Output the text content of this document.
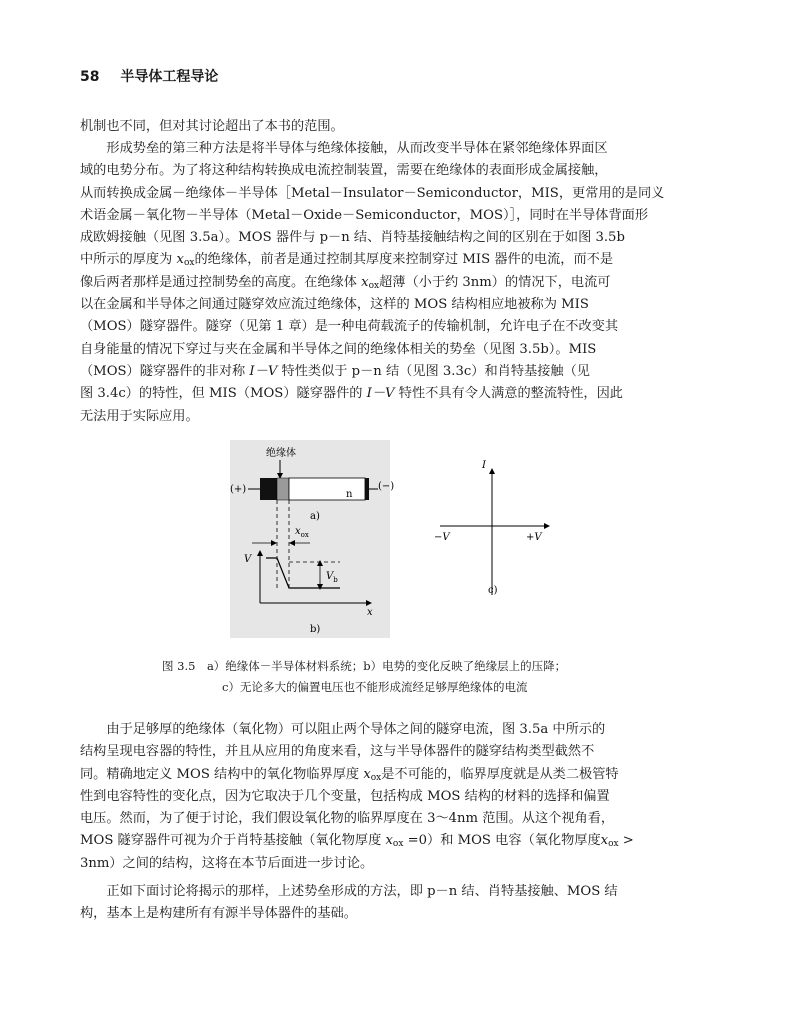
58 半导体工程导论
机制也不同，但对其讨论超出了本书的范围。
形成势垒的第三种方法是将半导体与绝缘体接触，从而改变半导体在紧邻绝缘体界面区
域的电势分布。为了将这种结构转换成电流控制装置，需要在绝缘体的表面形成金属接触，
从而转换成金属－绝缘体－半导体［Metal－Insulator－Semiconductor，MIS，更常用的是同义
术语金属－氧化物－半导体（Metal－Oxide－Semiconductor，MOS）］，同时在半导体背面形
成欧姆接触（见图 3.5a）。MOS 器件与 p－n 结、肖特基接触结构之间的区别在于如图 3.5b
中所示的厚度为 $x_{ox}$的绝缘体，前者是通过控制其厚度来控制穿过 MIS 器件的电流，而不是
像后两者那样是通过控制势垒的高度。在绝缘体 $x_{ox}$超薄（小于约 3nm）的情况下，电流可
以在金属和半导体之间通过隧穿效应流过绝缘体，这样的 MOS 结构相应地被称为 MIS
（MOS）隧穿器件。隧穿（见第 1 章）是一种电荷载流子的传输机制，允许电子在不改变其
自身能量的情况下穿过与夹在金属和半导体之间的绝缘体相关的势垒（见图 3.5b）。MIS
（MOS）隧穿器件的非对称 I－V 特性类似于 p－n 结（见图 3.3c）和肖特基接触（见
图 3.4c）的特性，但 MIS（MOS）隧穿器件的 I－V 特性不具有令人满意的整流特性，因此
无法用于实际应用。
绝缘体
(+)	n
(−)
a)
$x_{ox}$
V
x
$V_b$
b)
I
−V	+V
c)
图 3.5　a）绝缘体－半导体材料系统；b）电势的变化反映了绝缘层上的压降；
c）无论多大的偏置电压也不能形成流经足够厚绝缘体的电流
由于足够厚的绝缘体（氧化物）可以阻止两个导体之间的隧穿电流，图 3.5a 中所示的
结构呈现电容器的特性，并且从应用的角度来看，这与半导体器件的隧穿结构类型截然不
同。精确地定义 MOS 结构中的氧化物临界厚度 $x_{ox}$是不可能的，临界厚度就是从类二极管特
性到电容特性的变化点，因为它取决于几个变量，包括构成 MOS 结构的材料的选择和偏置
电压。然而，为了便于讨论，我们假设氧化物的临界厚度在 3～4nm 范围。从这个视角看，
MOS 隧穿器件可视为介于肖特基接触（氧化物厚度 $x_{ox} =0$）和 MOS 电容（氧化物厚度$x_{ox}$ >
3nm）之间的结构，这将在本节后面进一步讨论。
正如下面讨论将揭示的那样，上述势垒形成的方法，即 p－n 结、肖特基接触、MOS 结
构，基本上是构建所有有源半导体器件的基础。
